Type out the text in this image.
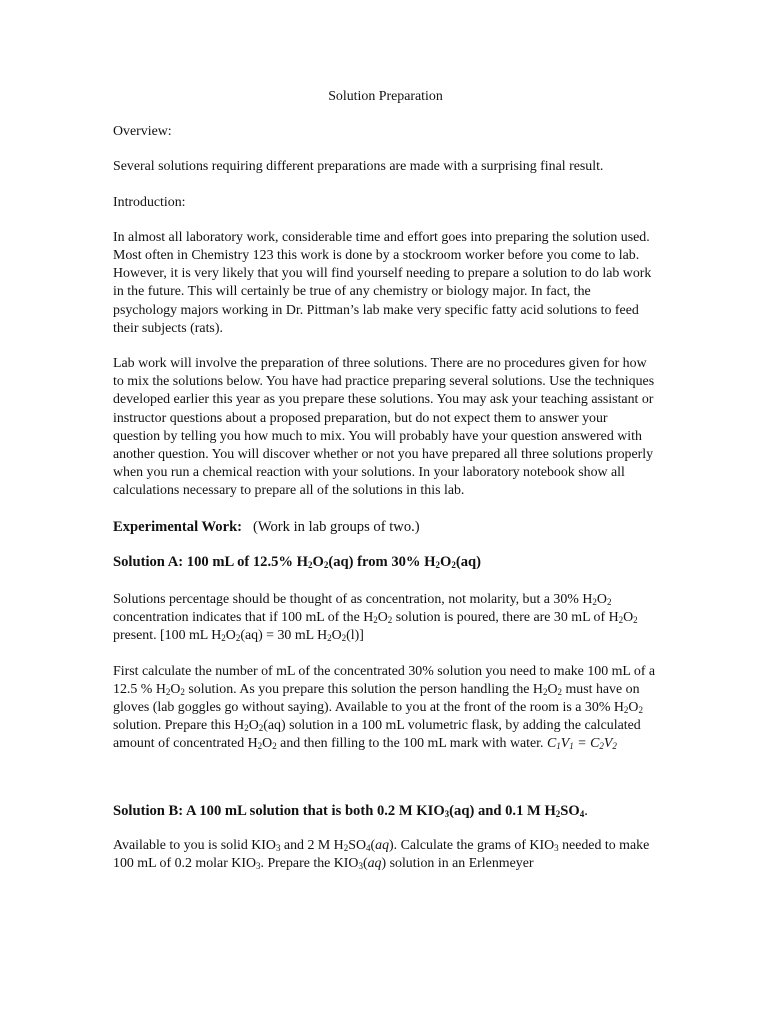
Solution Preparation

Overview:

Several solutions requiring different preparations are made with a surprising final result.

Introduction:

In almost all laboratory work, considerable time and effort goes into preparing the solution used. Most often in Chemistry 123 this work is done by a stockroom worker before you come to lab. However, it is very likely that you will find yourself needing to prepare a solution to do lab work in the future. This will certainly be true of any chemistry or biology major. In fact, the psychology majors working in Dr. Pittman’s lab make very specific fatty acid solutions to feed their subjects (rats).

Lab work will involve the preparation of three solutions. There are no procedures given for how to mix the solutions below. You have had practice preparing several solutions. Use the techniques developed earlier this year as you prepare these solutions. You may ask your teaching assistant or instructor questions about a proposed preparation, but do not expect them to answer your question by telling you how much to mix. You will probably have your question answered with another question. You will discover whether or not you have prepared all three solutions properly when you run a chemical reaction with your solutions. In your laboratory notebook show all calculations necessary to prepare all of the solutions in this lab.

Experimental Work: (Work in lab groups of two.)

Solution A: 100 mL of 12.5% $H_2O_2(aq)$ from 30% $H_2O_2(aq)$

Solutions percentage should be thought of as concentration, not molarity, but a 30% $H_2O_2$ concentration indicates that if 100 mL of the $H_2O_2$ solution is poured, there are 30 mL of $H_2O_2$ present. [100 mL $H_2O_2(aq) = 30$ mL $H_2O_2(l)$]

First calculate the number of mL of the concentrated 30% solution you need to make 100 mL of a 12.5 % $H_2O_2$ solution. As you prepare this solution the person handling the $H_2O_2$ must have on gloves (lab goggles go without saying). Available to you at the front of the room is a 30% $H_2O_2$ solution. Prepare this $H_2O_2(aq)$ solution in a 100 mL volumetric flask, by adding the calculated amount of concentrated $H_2O_2$ and then filling to the 100 mL mark with water. $C_1V_1 = C_2V_2$

Solution B: A 100 mL solution that is both 0.2 M $KIO_3(aq)$ and 0.1 M $H_2SO_4$.

Available to you is solid $KIO_3$ and 2 M $H_2SO_4(aq)$. Calculate the grams of $KIO_3$ needed to make 100 mL of 0.2 molar $KIO_3$. Prepare the $KIO_3(aq)$ solution in an Erlenmeyer
